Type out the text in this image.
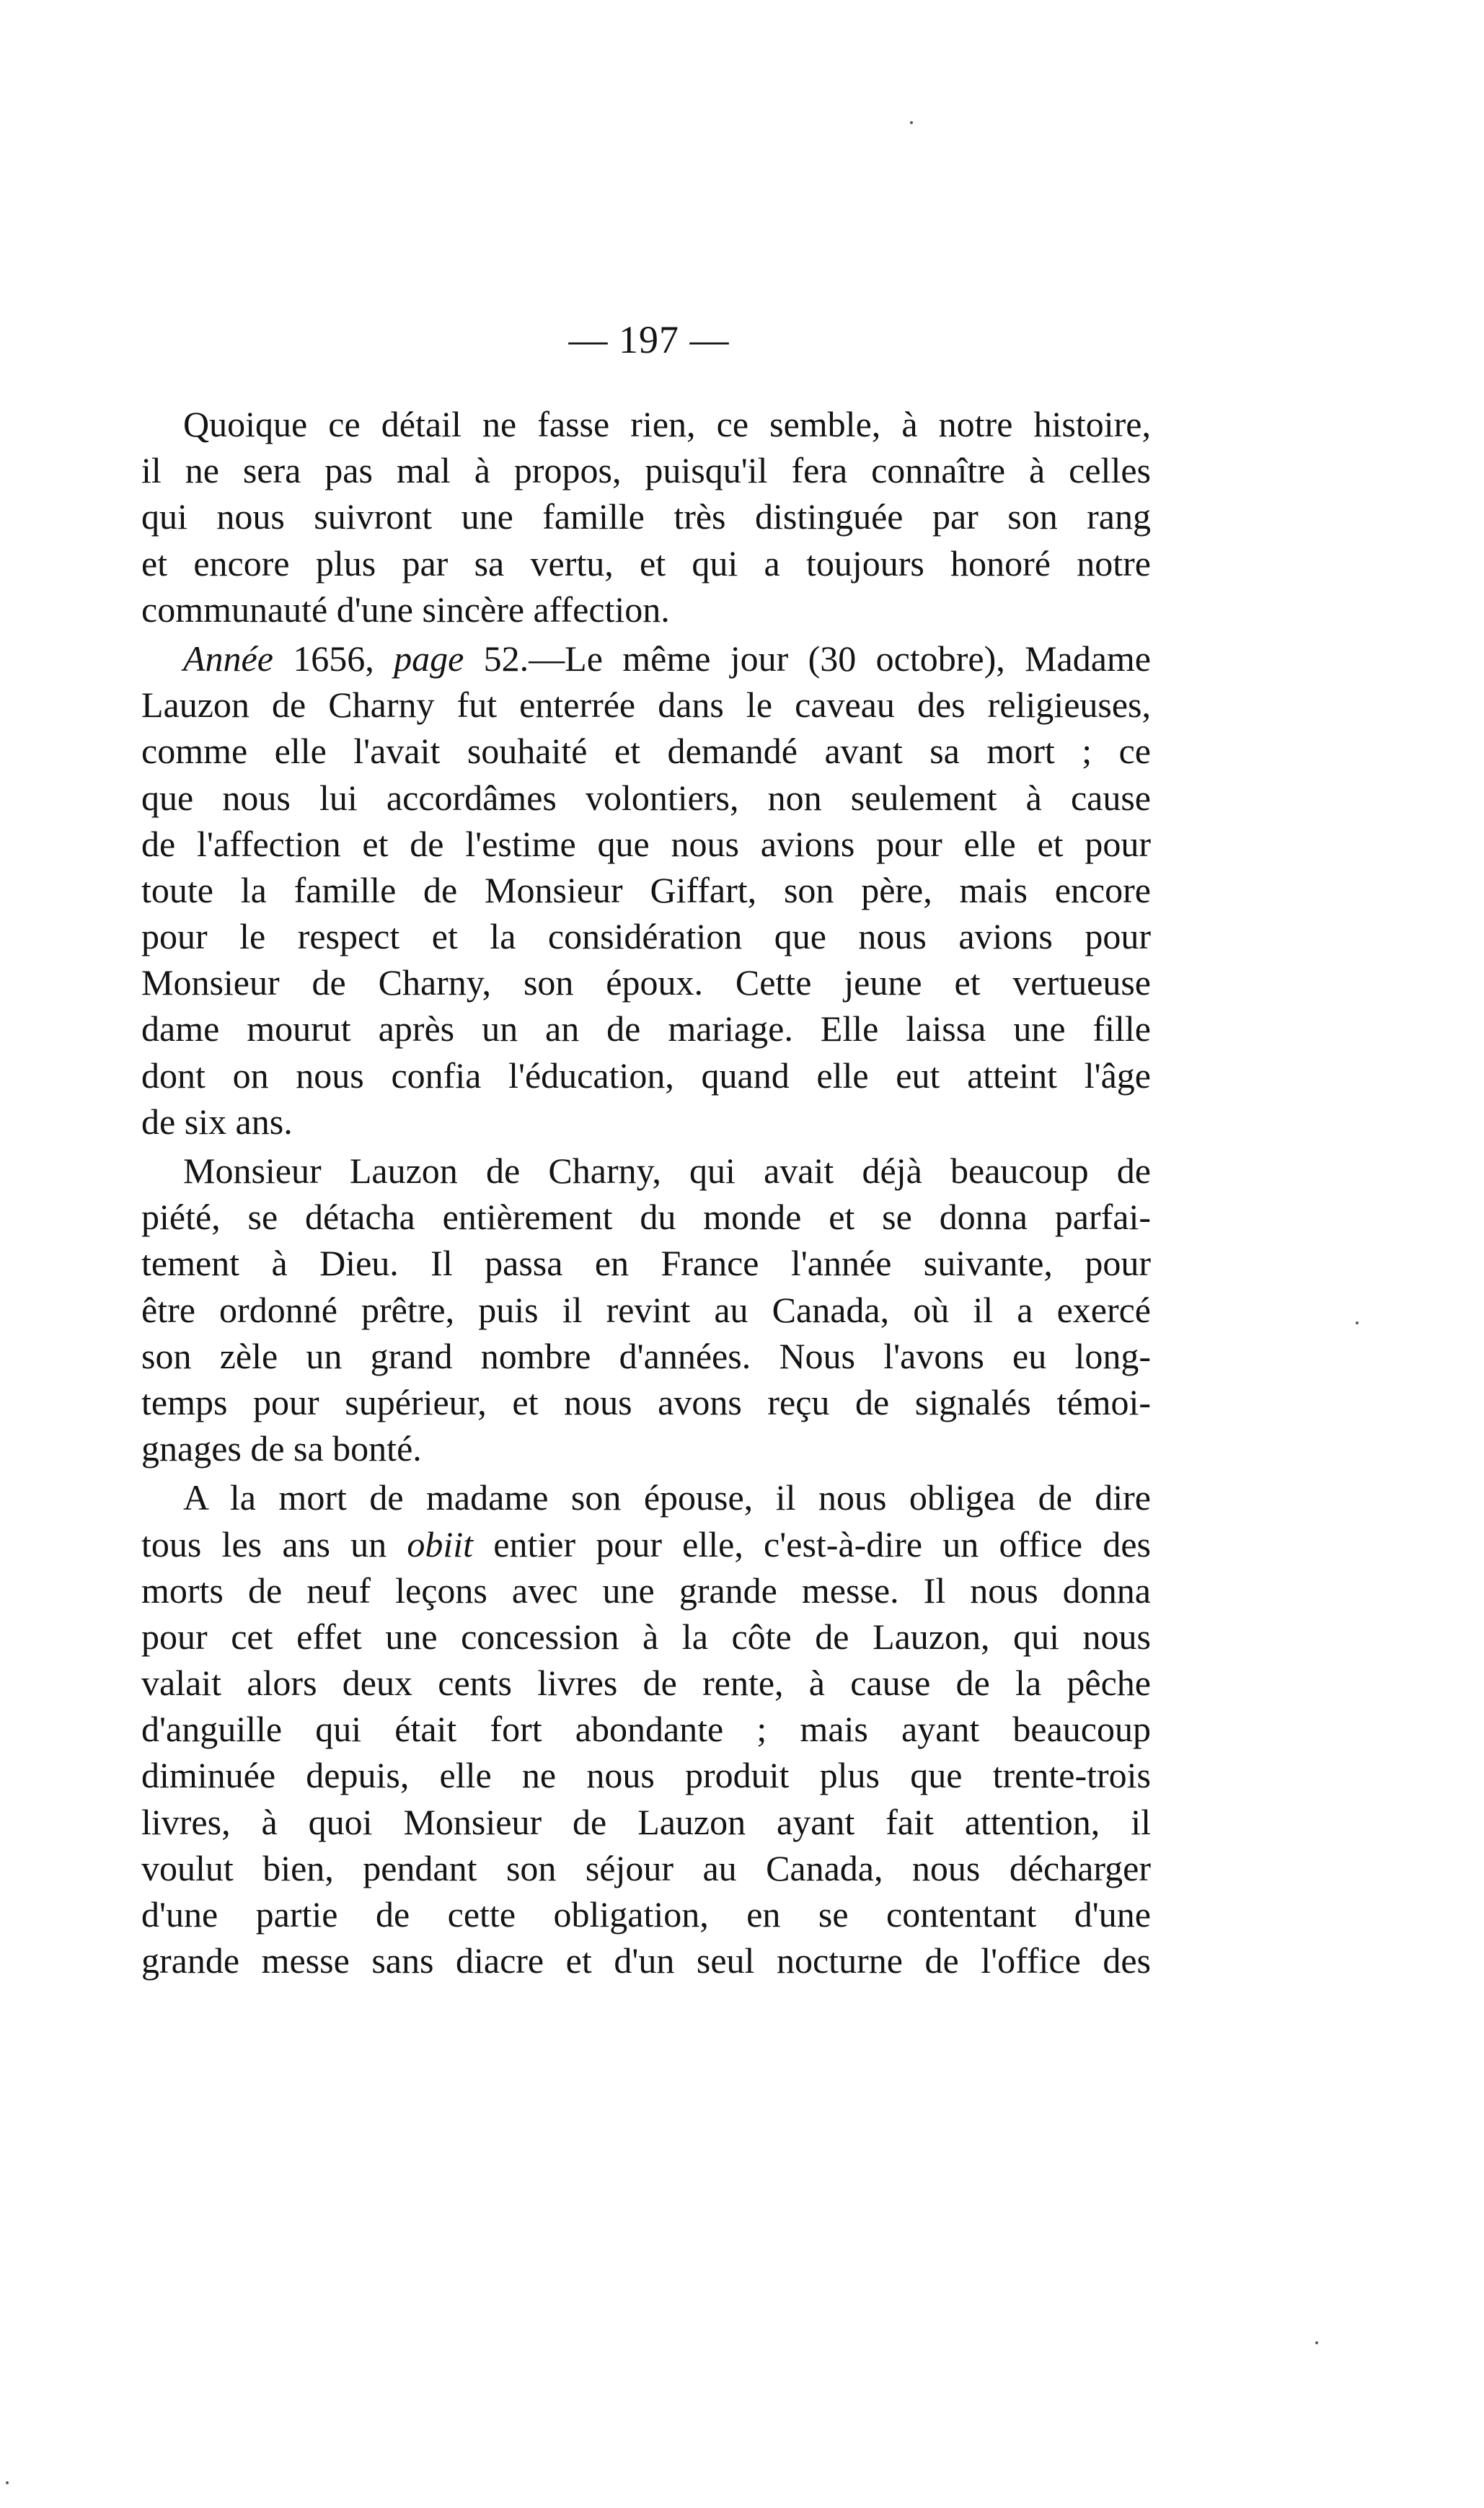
— 197 —
Quoique ce détail ne fasse rien, ce semble, à notre histoire,
il ne sera pas mal à propos, puisqu'il fera connaître à celles
qui nous suivront une famille très distinguée par son rang
et encore plus par sa vertu, et qui a toujours honoré notre
communauté d'une sincère affection.
Année 1656, page 52.—Le même jour (30 octobre), Madame
Lauzon de Charny fut enterrée dans le caveau des religieuses,
comme elle l'avait souhaité et demandé avant sa mort ; ce
que nous lui accordâmes volontiers, non seulement à cause
de l'affection et de l'estime que nous avions pour elle et pour
toute la famille de Monsieur Giffart, son père, mais encore
pour le respect et la considération que nous avions pour
Monsieur de Charny, son époux. Cette jeune et vertueuse
dame mourut après un an de mariage. Elle laissa une fille
dont on nous confia l'éducation, quand elle eut atteint l'âge
de six ans.
Monsieur Lauzon de Charny, qui avait déjà beaucoup de
piété, se détacha entièrement du monde et se donna parfai-
tement à Dieu. Il passa en France l'année suivante, pour
être ordonné prêtre, puis il revint au Canada, où il a exercé
son zèle un grand nombre d'années. Nous l'avons eu long-
temps pour supérieur, et nous avons reçu de signalés témoi-
gnages de sa bonté.
A la mort de madame son épouse, il nous obligea de dire
tous les ans un obiit entier pour elle, c'est-à-dire un office des
morts de neuf leçons avec une grande messe. Il nous donna
pour cet effet une concession à la côte de Lauzon, qui nous
valait alors deux cents livres de rente, à cause de la pêche
d'anguille qui était fort abondante ; mais ayant beaucoup
diminuée depuis, elle ne nous produit plus que trente-trois
livres, à quoi Monsieur de Lauzon ayant fait attention, il
voulut bien, pendant son séjour au Canada, nous décharger
d'une partie de cette obligation, en se contentant d'une
grande messe sans diacre et d'un seul nocturne de l'office des
